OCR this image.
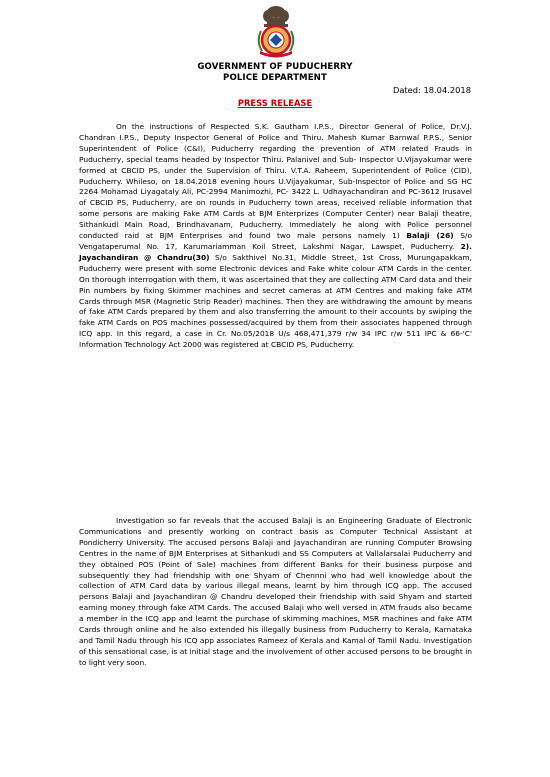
GOVERNMENT OF PUDUCHERRY
POLICE DEPARTMENT
Dated: 18.04.2018
PRESS RELEASE

On the instructions of Respected S.K. Gautham I.P.S., Director General of Police, Dr.V.J. Chandran I.P.S., Deputy Inspector General of Police and Thiru. Mahesh Kumar Barnwal P.P.S., Senior Superintendent of Police (C&I), Puducherry regarding the prevention of ATM related Frauds in Puducherry, special teams headed by Inspector Thiru. Palanivel and Sub- Inspector U.Vijayakumar were formed at CBCID PS, under the Supervision of Thiru. V.T.A. Raheem, Superintendent of Police (CID), Puducherry. Whileso, on 18.04.2018 evening hours U.Vijayakumar, Sub-Inspector of Police and SG HC 2264 Mohamad Liyagataly Ali, PC-2994 Manimozhi, PC- 3422 L. Udhayachandiran and PC-3612 Irusavel of CBCID PS, Puducherry, are on rounds in Puducherry town areas, received reliable information that some persons are making Fake ATM Cards at BJM Enterprizes (Computer Center) near Balaji theatre, Sithankudi Main Road, Brindhavanam, Puducherry. Immediately he along with Police personnel conducted raid at BJM Enterprises and found two male persons namely 1) Balaji (26) S/o Vengataperumal No. 17, Karumariamman Koil Street, Lakshmi Nagar, Lawspet, Puducherry. 2). Jayachandiran @ Chandru(30) S/o Sakthivel No.31, Middle Street, 1st Cross, Murungapakkam, Puducherry were present with some Electronic devices and Fake white colour ATM Cards in the center. On thorough interrogation with them, it was ascertained that they are collecting ATM Card data and their Pin numbers by fixing Skimmer machines and secret cameras at ATM Centres and making fake ATM Cards through MSR (Magnetic Strip Reader) machines. Then they are withdrawing the amount by means of fake ATM Cards prepared by them and also transferring the amount to their accounts by swiping the fake ATM Cards on POS machines possessed/acquired by them from their associates happened through ICQ app. In this regard, a case in Cr. No.05/2018 U/s 468,471,379 r/w 34 IPC r/w 511 IPC & 66-'C' Information Technology Act 2000 was registered at CBCID PS, Puducherry.

Investigation so far reveals that the accused Balaji is an Engineering Graduate of Electronic Communications and presently working on contract basis as Computer Technical Assistant at Pondicherry University. The accused persons Balaji and Jayachandiran are running Computer Browsing Centres in the name of BJM Enterprises at Sithankudi and SS Computers at Vallalarsalai Puducherry and they obtained POS (Point of Sale) machines from different Banks for their business purpose and subsequently they had friendship with one Shyam of Chennni who had well knowledge about the collection of ATM Card data by various illegal means, learnt by him through ICQ app. The accused persons Balaji and Jayachandiran @ Chandru developed their friendship with said Shyam and started earning money through fake ATM Cards. The accused Balaji who well versed in ATM frauds also became a member in the ICQ app and learnt the purchase of skimming machines, MSR machines and fake ATM Cards through online and he also extended his illegally business from Puducherry to Kerala, Karnataka and Tamil Nadu through his ICQ app associates Rameez of Kerala and Kamal of Tamil Nadu. Investigation of this sensational case, is at initial stage and the involvement of other accused persons to be brought in to light very soon.
